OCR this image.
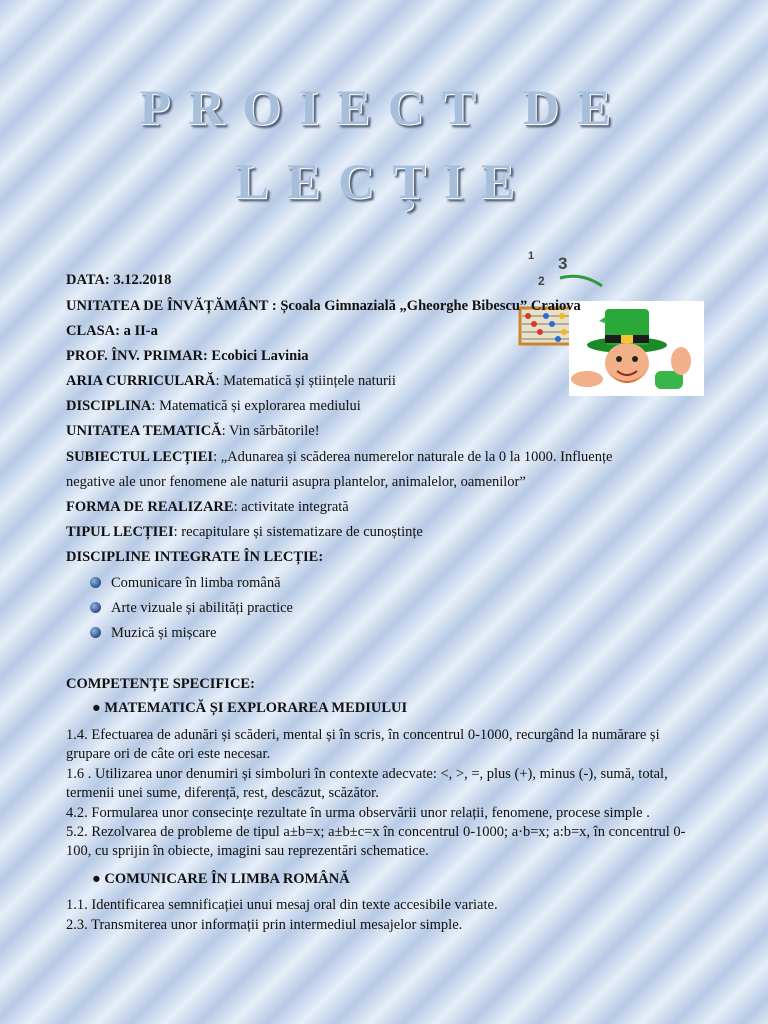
PROIECT DE
LECȚIE
1
2
3
DATA: 3.12.2018
UNITATEA DE ÎNVĂȚĂMÂNT : Școala Gimnazială „Gheorghe Bibescu” Craiova
CLASA: a II-a
PROF. ÎNV. PRIMAR: Ecobici Lavinia
ARIA CURRICULARĂ: Matematică și științele naturii
DISCIPLINA: Matematică și explorarea mediului
UNITATEA TEMATICĂ: Vin sărbătorile!
SUBIECTUL LECȚIEI: „Adunarea și scăderea numerelor naturale de la 0 la 1000. Influențe
negative ale unor fenomene ale naturii asupra plantelor, animalelor, oamenilor”
FORMA DE REALIZARE: activitate integrată
TIPUL LECȚIEI: recapitulare și sistematizare de cunoștințe
DISCIPLINE INTEGRATE ÎN LECȚIE:
Comunicare în limba română
Arte vizuale și abilități practice
Muzică și mișcare
COMPETENȚE SPECIFICE:
● MATEMATICĂ ȘI EXPLORAREA MEDIULUI
1.4. Efectuarea de adunări și scăderi, mental și în scris, în concentrul 0-1000, recurgând la numărare și grupare ori de câte ori este necesar.
1.6 . Utilizarea unor denumiri și simboluri în contexte adecvate: <, >, =, plus (+), minus (-), sumă, total, termenii unei sume, diferență, rest, descăzut, scăzător.
4.2. Formularea unor consecințe rezultate în urma observării unor relații, fenomene, procese simple .
5.2. Rezolvarea de probleme de tipul a±b=x; a±b±c=x în concentrul 0-1000; a·b=x; a:b=x, în concentrul 0-100, cu sprijin în obiecte, imagini sau reprezentări schematice.
● COMUNICARE ÎN LIMBA ROMÂNĂ
1.1. Identificarea semnificației unui mesaj oral din texte accesibile variate.
2.3. Transmiterea unor informații prin intermediul mesajelor simple.
